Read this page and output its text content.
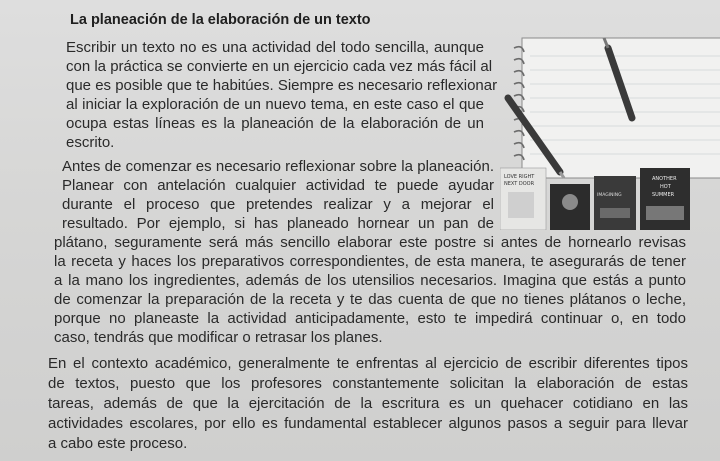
La planeación de la elaboración de un texto
Escribir un texto no es una actividad del todo sencilla, aunque
con la práctica se convierte en un ejercicio cada vez más fácil al
que es posible que te habitúes. Siempre es necesario reflexionar
al iniciar la exploración de un nuevo tema, en este caso el que
ocupa estas líneas es la planeación de la elaboración de un
escrito.
Antes de comenzar es necesario reflexionar sobre la planeación.
Planear con antelación cualquier actividad te puede ayudar
durante el proceso que pretendes realizar y a mejorar el
resultado. Por ejemplo, si has planeado hornear un pan de
plátano, seguramente será más sencillo elaborar este postre si antes de hornearlo revisas
la receta y haces los preparativos correspondientes, de esta manera, te asegurarás de tener
a la mano los ingredientes, además de los utensilios necesarios. Imagina que estás a punto
de comenzar la preparación de la receta y te das cuenta de que no tienes plátanos o leche,
porque no planeaste la actividad anticipadamente, esto te impedirá continuar o, en todo
caso, tendrás que modificar o retrasar los planes.
En el contexto académico, generalmente te enfrentas al ejercicio de escribir diferentes tipos
de textos, puesto que los profesores constantemente solicitan la elaboración de estas
tareas, además de que la ejercitación de la escritura es un quehacer cotidiano en las
actividades escolares, por ello es fundamental establecer algunos pasos a seguir para llevar
a cabo este proceso.
LOVE RIGHT
NEXT DOOR
IMAGINING
ANOTHER
HOT
SUMMER
